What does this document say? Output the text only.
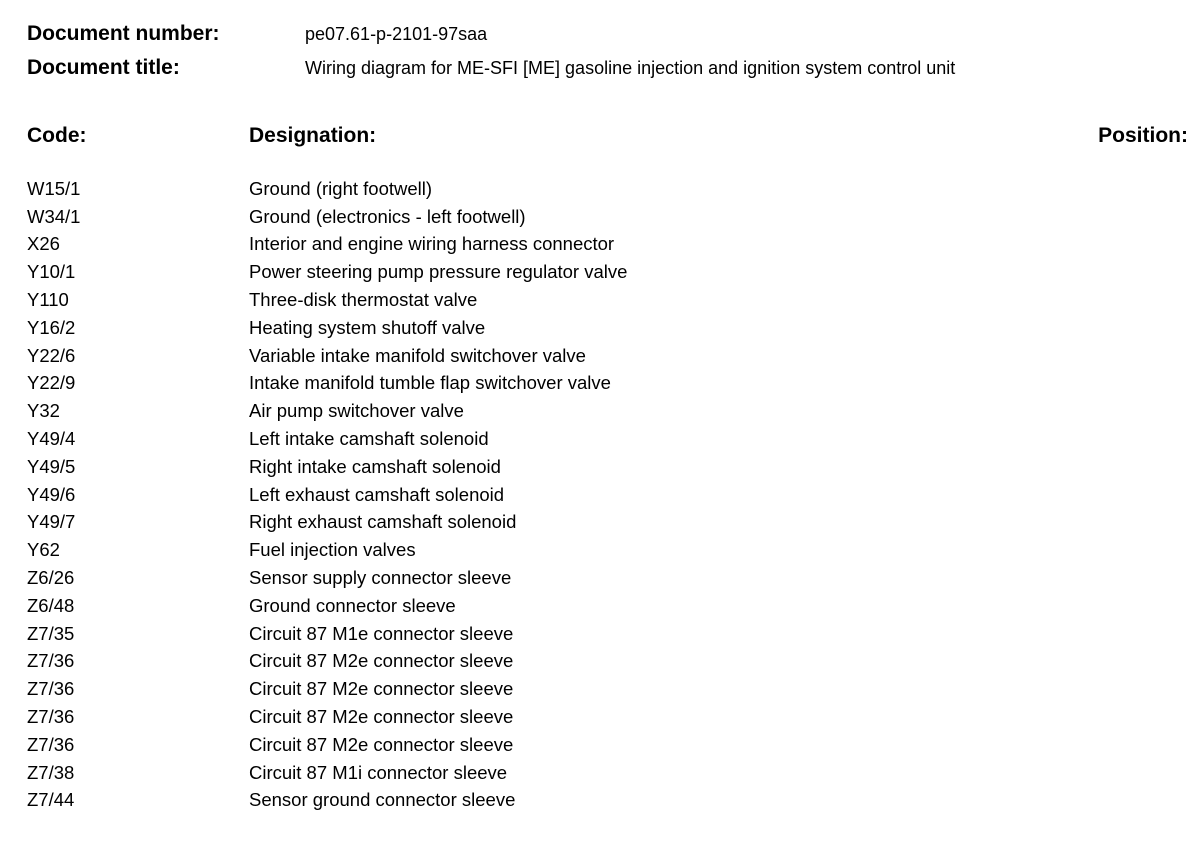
Document number:	pe07.61-p-2101-97saa
Document title:	Wiring diagram for ME-SFI [ME] gasoline injection and ignition system control unit
Code:	Designation:	Position:
W15/1	Ground (right footwell)
W34/1	Ground (electronics - left footwell)
X26	Interior and engine wiring harness connector
Y10/1	Power steering pump pressure regulator valve
Y110	Three-disk thermostat valve
Y16/2	Heating system shutoff valve
Y22/6	Variable intake manifold switchover valve
Y22/9	Intake manifold tumble flap switchover valve
Y32	Air pump switchover valve
Y49/4	Left intake camshaft solenoid
Y49/5	Right intake camshaft solenoid
Y49/6	Left exhaust camshaft solenoid
Y49/7	Right exhaust camshaft solenoid
Y62	Fuel injection valves
Z6/26	Sensor supply connector sleeve
Z6/48	Ground connector sleeve
Z7/35	Circuit 87 M1e connector sleeve
Z7/36	Circuit 87 M2e connector sleeve
Z7/36	Circuit 87 M2e connector sleeve
Z7/36	Circuit 87 M2e connector sleeve
Z7/36	Circuit 87 M2e connector sleeve
Z7/38	Circuit 87 M1i connector sleeve
Z7/44	Sensor ground connector sleeve
